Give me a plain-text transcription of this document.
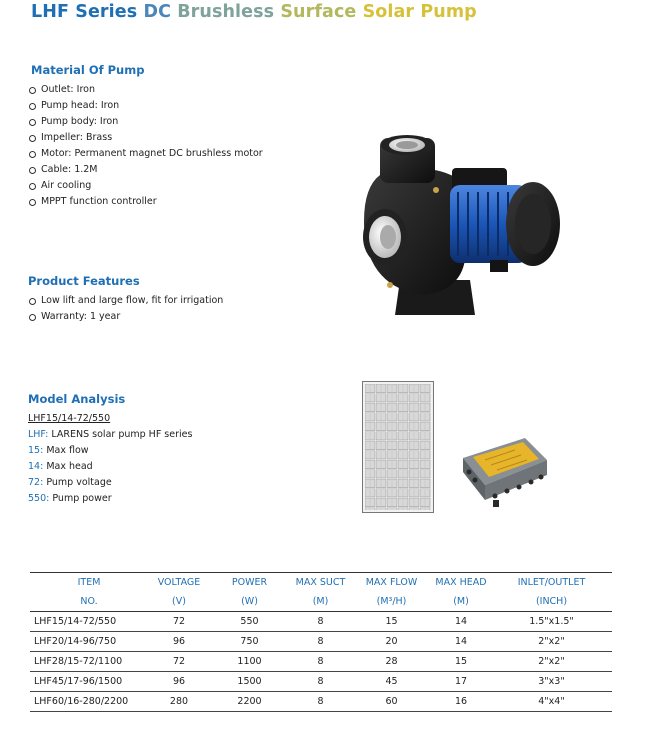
LHF Series DC Brushless Surface Solar Pump
Material Of Pump
Outlet: Iron
Pump head: Iron
Pump body: Iron
Impeller: Brass
Motor: Permanent magnet DC brushless motor
Cable: 1.2M
Air cooling
MPPT function controller
Product Features
Low lift and large flow, fit for irrigation
Warranty: 1 year
Model Analysis
LHF15/14-72/550
LHF: LARENS solar pump HF series
15: Max flow
14: Max head
72: Pump voltage
550: Pump power
ITEM	VOLTAGE	POWER	MAX SUCT	MAX FLOW	MAX HEAD	INLET/OUTLET
NO.	(V)	(W)	(M)	(M³/H)	(M)	(INCH)
LHF15/14-72/550	72	550	8	15	14	1.5"x1.5"
LHF20/14-96/750	96	750	8	20	14	2"x2"
LHF28/15-72/1100	72	1100	8	28	15	2"x2"
LHF45/17-96/1500	96	1500	8	45	17	3"x3"
LHF60/16-280/2200	280	2200	8	60	16	4"x4"
